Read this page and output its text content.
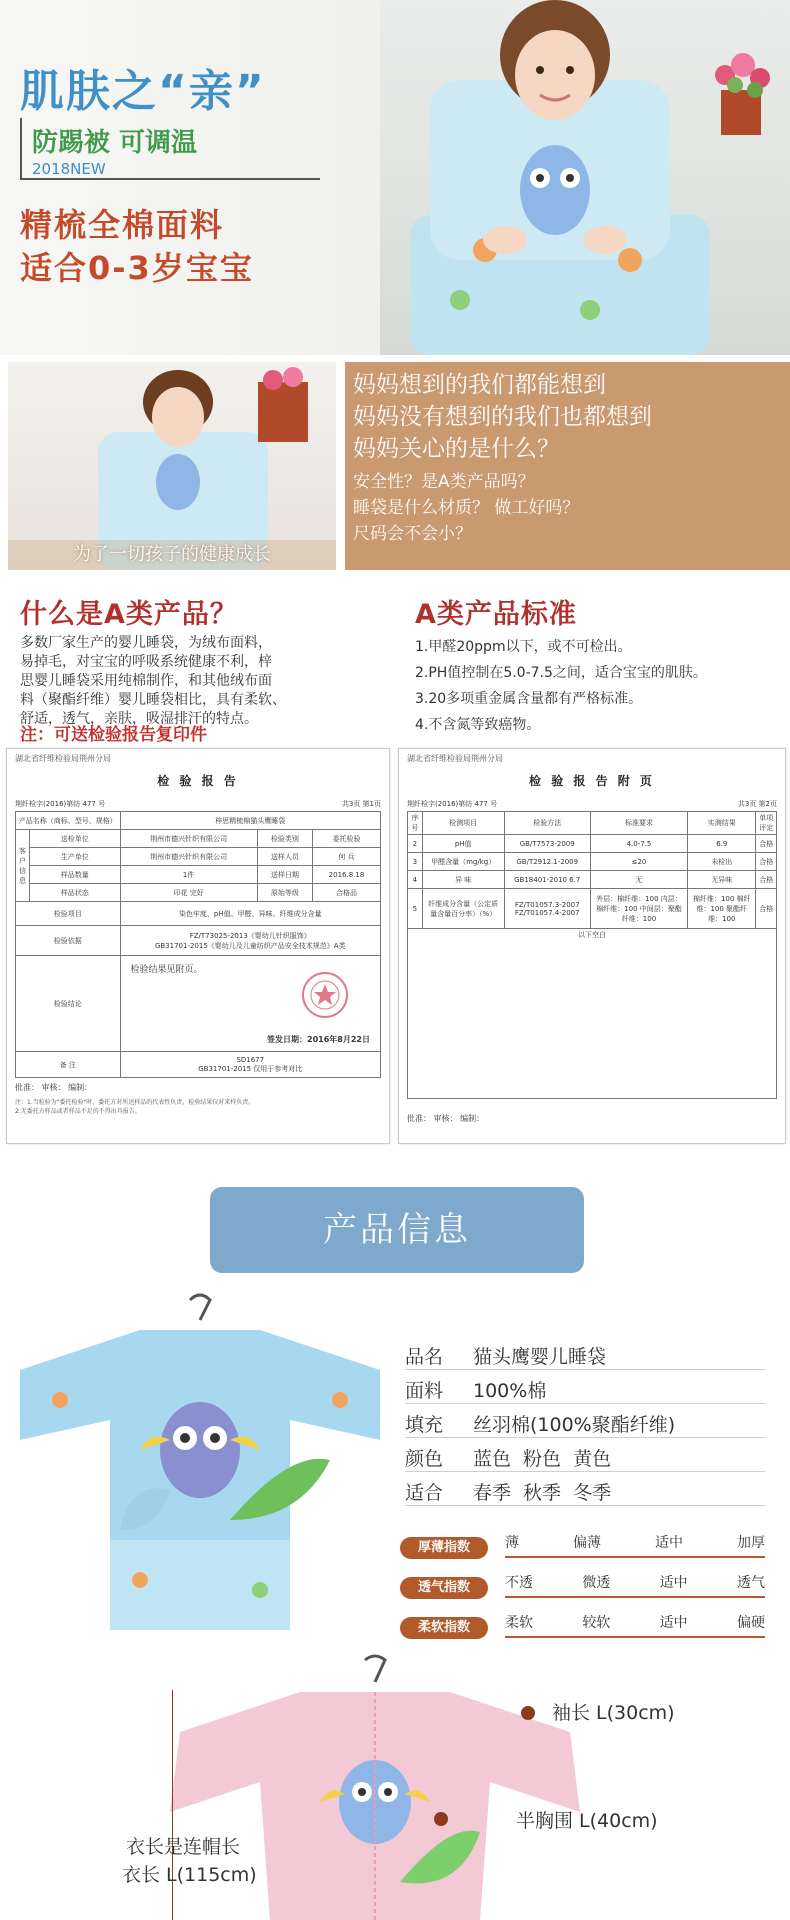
肌肤之“亲”
防踢被 可调温
2018NEW
精梳全棉面料
适合0-3岁宝宝
为了一切孩子的健康成长
妈妈想到的我们都能想到
妈妈没有想到的我们也都想到
妈妈关心的是什么？
安全性？是A类产品吗？
睡袋是什么材质？ 做工好吗？
尺码会不会小？
什么是A类产品？
多数厂家生产的婴儿睡袋，为绒布面料，
易掉毛，对宝宝的呼吸系统健康不利，梓
思婴儿睡袋采用纯棉制作，和其他绒布面
料（聚酯纤维）婴儿睡袋相比，具有柔软、
舒适，透气，亲肤，吸湿排汗的特点。
注：可送检验报告复印件
A类产品标准
1.甲醛20ppm以下，或不可检出。
2.PH值控制在5.0-7.5之间，适合宝宝的肌肤。
3.20多项重金属含量都有严格标准。
4.不含氮等致癌物。
湖北省纤维检验局荆州分局
检 验 报 告
荆纤检字(2016)第纺 477 号	共3页 第1页
产品名称（商标、型号、规格）		梓思精梳棉猫头鹰睡袋		
客户信息	送检单位	荆州市德兴针织有限公司	检验类别	委托检验
	生产单位	荆州市德兴针织有限公司	送样人员	何 兵
	样品数量	1件	送样日期	2016.8.18
	样品状态	印花 完好	原始等级	合格品
检验项目		染色牢度、pH值、甲醛、异味、纤维成分含量		
检验依据		FZ/T73025-2013《婴幼儿针织服饰》
GB31701-2015《婴幼儿及儿童纺织产品安全技术规范》A类		

检验结论		检验结果见附页。
签发日期：2016年8月22日		

备 注		SD1677
GB31701-2015 仅用于参考对比		
批准： 审核： 编制：
注：1.当检验为"委托检验"时，委托方对所送样品的代表性负责，检验结果仅对来样负责。
2.无委托方样品或者样品不足的不得出具报告。
湖北省纤维检验局荆州分局
检 验 报 告 附 页
荆纤检字(2016)第纺 477 号	共3页 第2页
序号	检测项目	检验方法	标准要求	实测结果	单项评定
2	pH值	GB/T7573-2009	4.0-7.5	6.9	合格
3	甲醛含量（mg/kg）	GB/T2912.1-2009	≤20	未检出	合格
4	异 味	GB18401-2010 6.7	无	无异味	合格
5	纤维成分含量（公定质量含量百分率）（%）	FZ/T01057.3-2007 FZ/T01057.4-2007	外层：棉纤维：100 内层：棉纤维：100 中间层：聚酯纤维：100	棉纤维：100 棉纤维：100 聚酯纤维：100	合格
以下空白					
批准： 审核： 编制：
产品信息
品名 猫头鹰婴儿睡袋
面料 100%棉
填充 丝羽棉(100%聚酯纤维)
颜色 蓝色 粉色 黄色
适合 春季 秋季 冬季
厚薄指数	薄	偏薄	适中	加厚
透气指数	不透	微透	适中	透气
柔软指数	柔软	较软	适中	偏硬
袖长 L(30cm)
半胸围 L(40cm)
衣长是连帽长
衣长 L(115cm)
